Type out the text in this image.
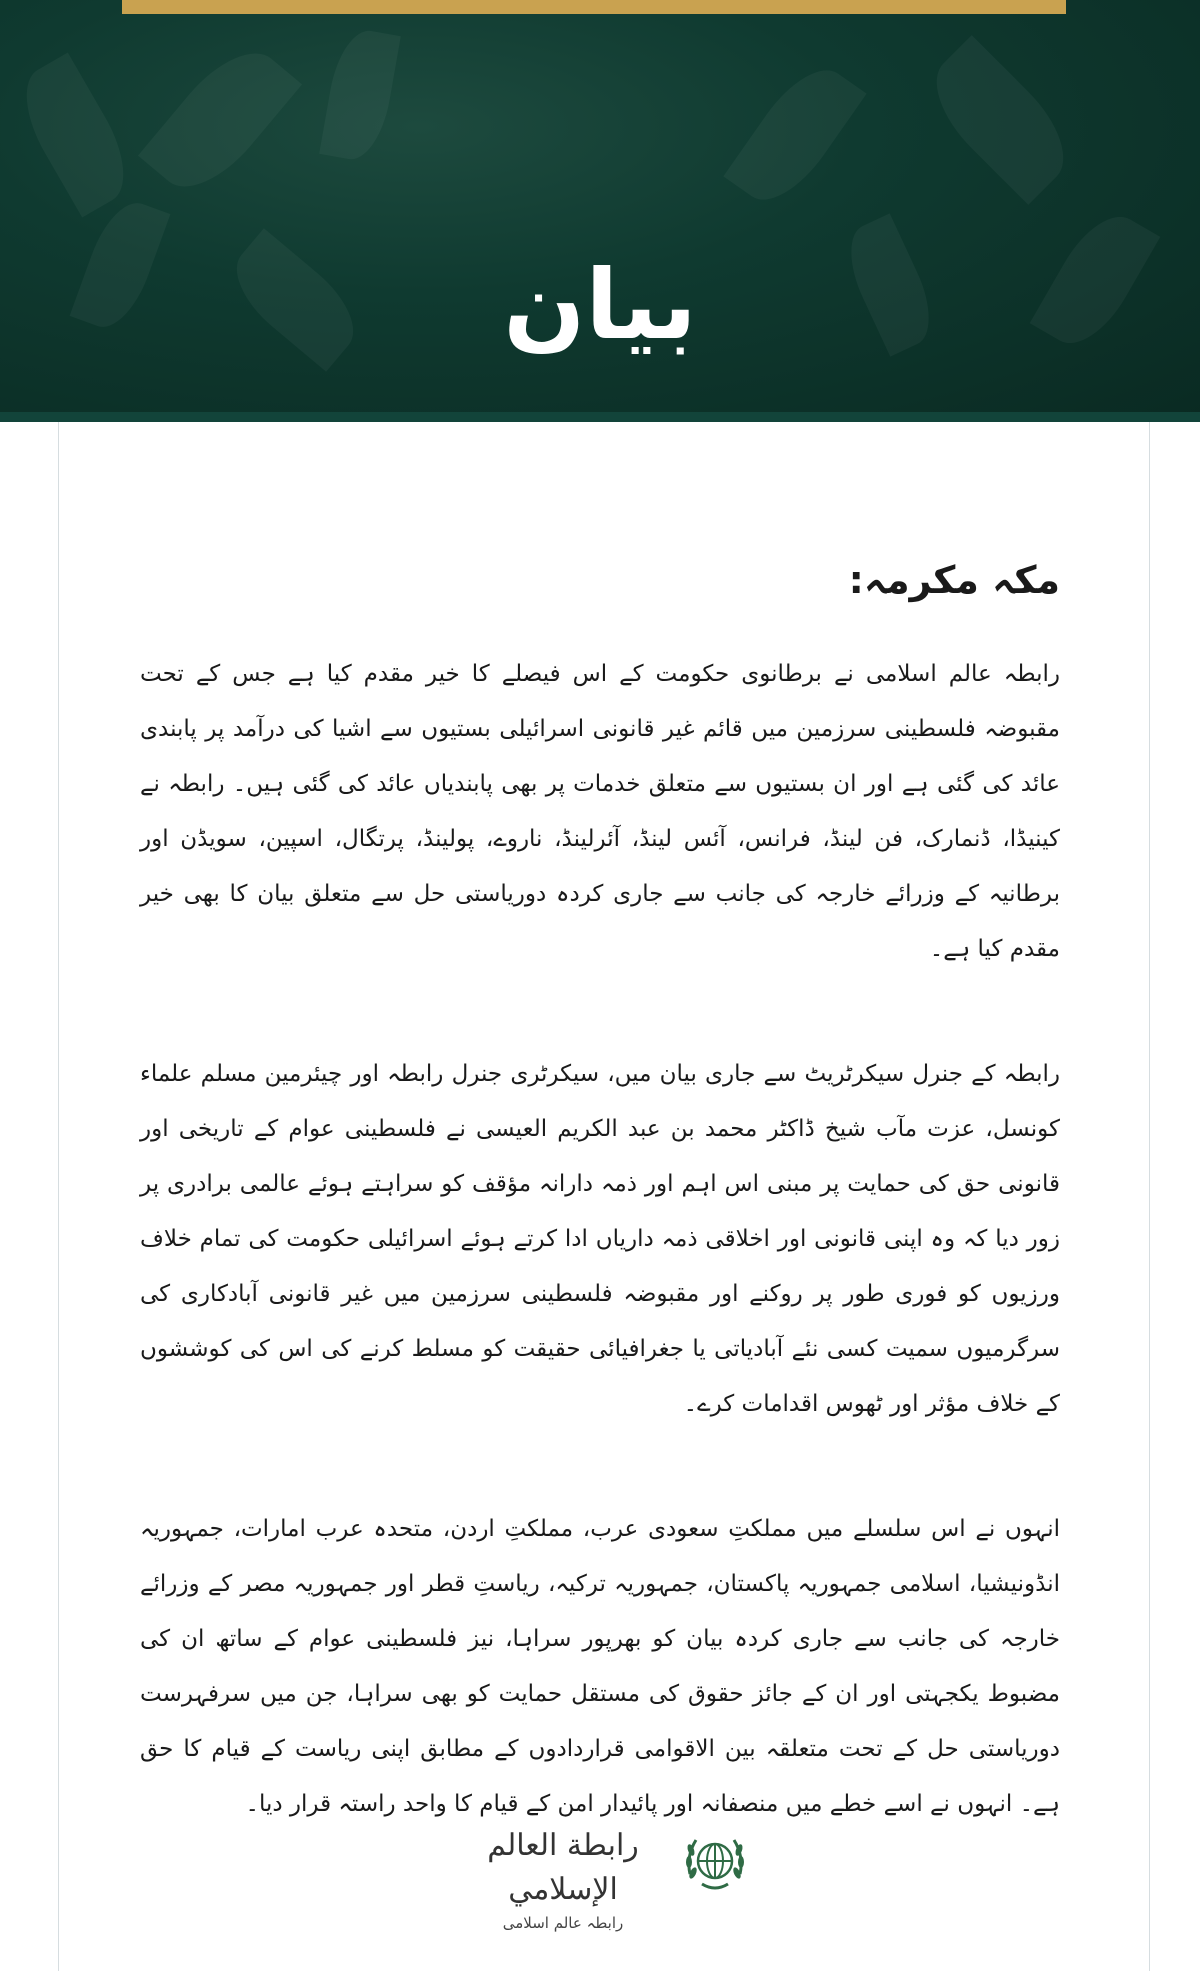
بیان

مکہ مکرمہ:

رابطہ عالم اسلامی نے برطانوی حکومت کے اس فیصلے کا خیر مقدم کیا ہے جس کے تحت مقبوضہ فلسطینی سرزمین میں قائم غیر قانونی اسرائیلی بستیوں سے اشیا کی درآمد پر پابندی عائد کی گئی ہے اور ان بستیوں سے متعلق خدمات پر بھی پابندیاں عائد کی گئی ہیں۔ رابطہ نے کینیڈا، ڈنمارک، فن لینڈ، فرانس، آئس لینڈ، آئرلینڈ، ناروے، پولینڈ، پرتگال، اسپین، سویڈن اور برطانیہ کے وزرائے خارجہ کی جانب سے جاری کردہ دوریاستی حل سے متعلق بیان کا بھی خیر مقدم کیا ہے۔

رابطہ کے جنرل سیکرٹریٹ سے جاری بیان میں، سیکرٹری جنرل رابطہ اور چیئرمین مسلم علماء کونسل، عزت مآب شیخ ڈاکٹر محمد بن عبد الکریم العیسی نے فلسطینی عوام کے تاریخی اور قانونی حق کی حمایت پر مبنی اس اہم اور ذمہ دارانہ مؤقف کو سراہتے ہوئے عالمی برادری پر زور دیا کہ وہ اپنی قانونی اور اخلاقی ذمہ داریاں ادا کرتے ہوئے اسرائیلی حکومت کی تمام خلاف ورزیوں کو فوری طور پر روکنے اور مقبوضہ فلسطینی سرزمین میں غیر قانونی آبادکاری کی سرگرمیوں سمیت کسی نئے آبادیاتی یا جغرافیائی حقیقت کو مسلط کرنے کی اس کی کوششوں کے خلاف مؤثر اور ٹھوس اقدامات کرے۔

انہوں نے اس سلسلے میں مملکتِ سعودی عرب، مملکتِ اردن، متحدہ عرب امارات، جمہوریہ انڈونیشیا، اسلامی جمہوریہ پاکستان، جمہوریہ ترکیہ، ریاستِ قطر اور جمہوریہ مصر کے وزرائے خارجہ کی جانب سے جاری کردہ بیان کو بھرپور سراہا، نیز فلسطینی عوام کے ساتھ ان کی مضبوط یکجہتی اور ان کے جائز حقوق کی مستقل حمایت کو بھی سراہا، جن میں سرفہرست دوریاستی حل کے تحت متعلقہ بین الاقوامی قراردادوں کے مطابق اپنی ریاست کے قیام کا حق ہے۔ انہوں نے اسے خطے میں منصفانہ اور پائیدار امن کے قیام کا واحد راستہ قرار دیا۔

رابطة العالم الإسلامي
رابطہ عالم اسلامی
